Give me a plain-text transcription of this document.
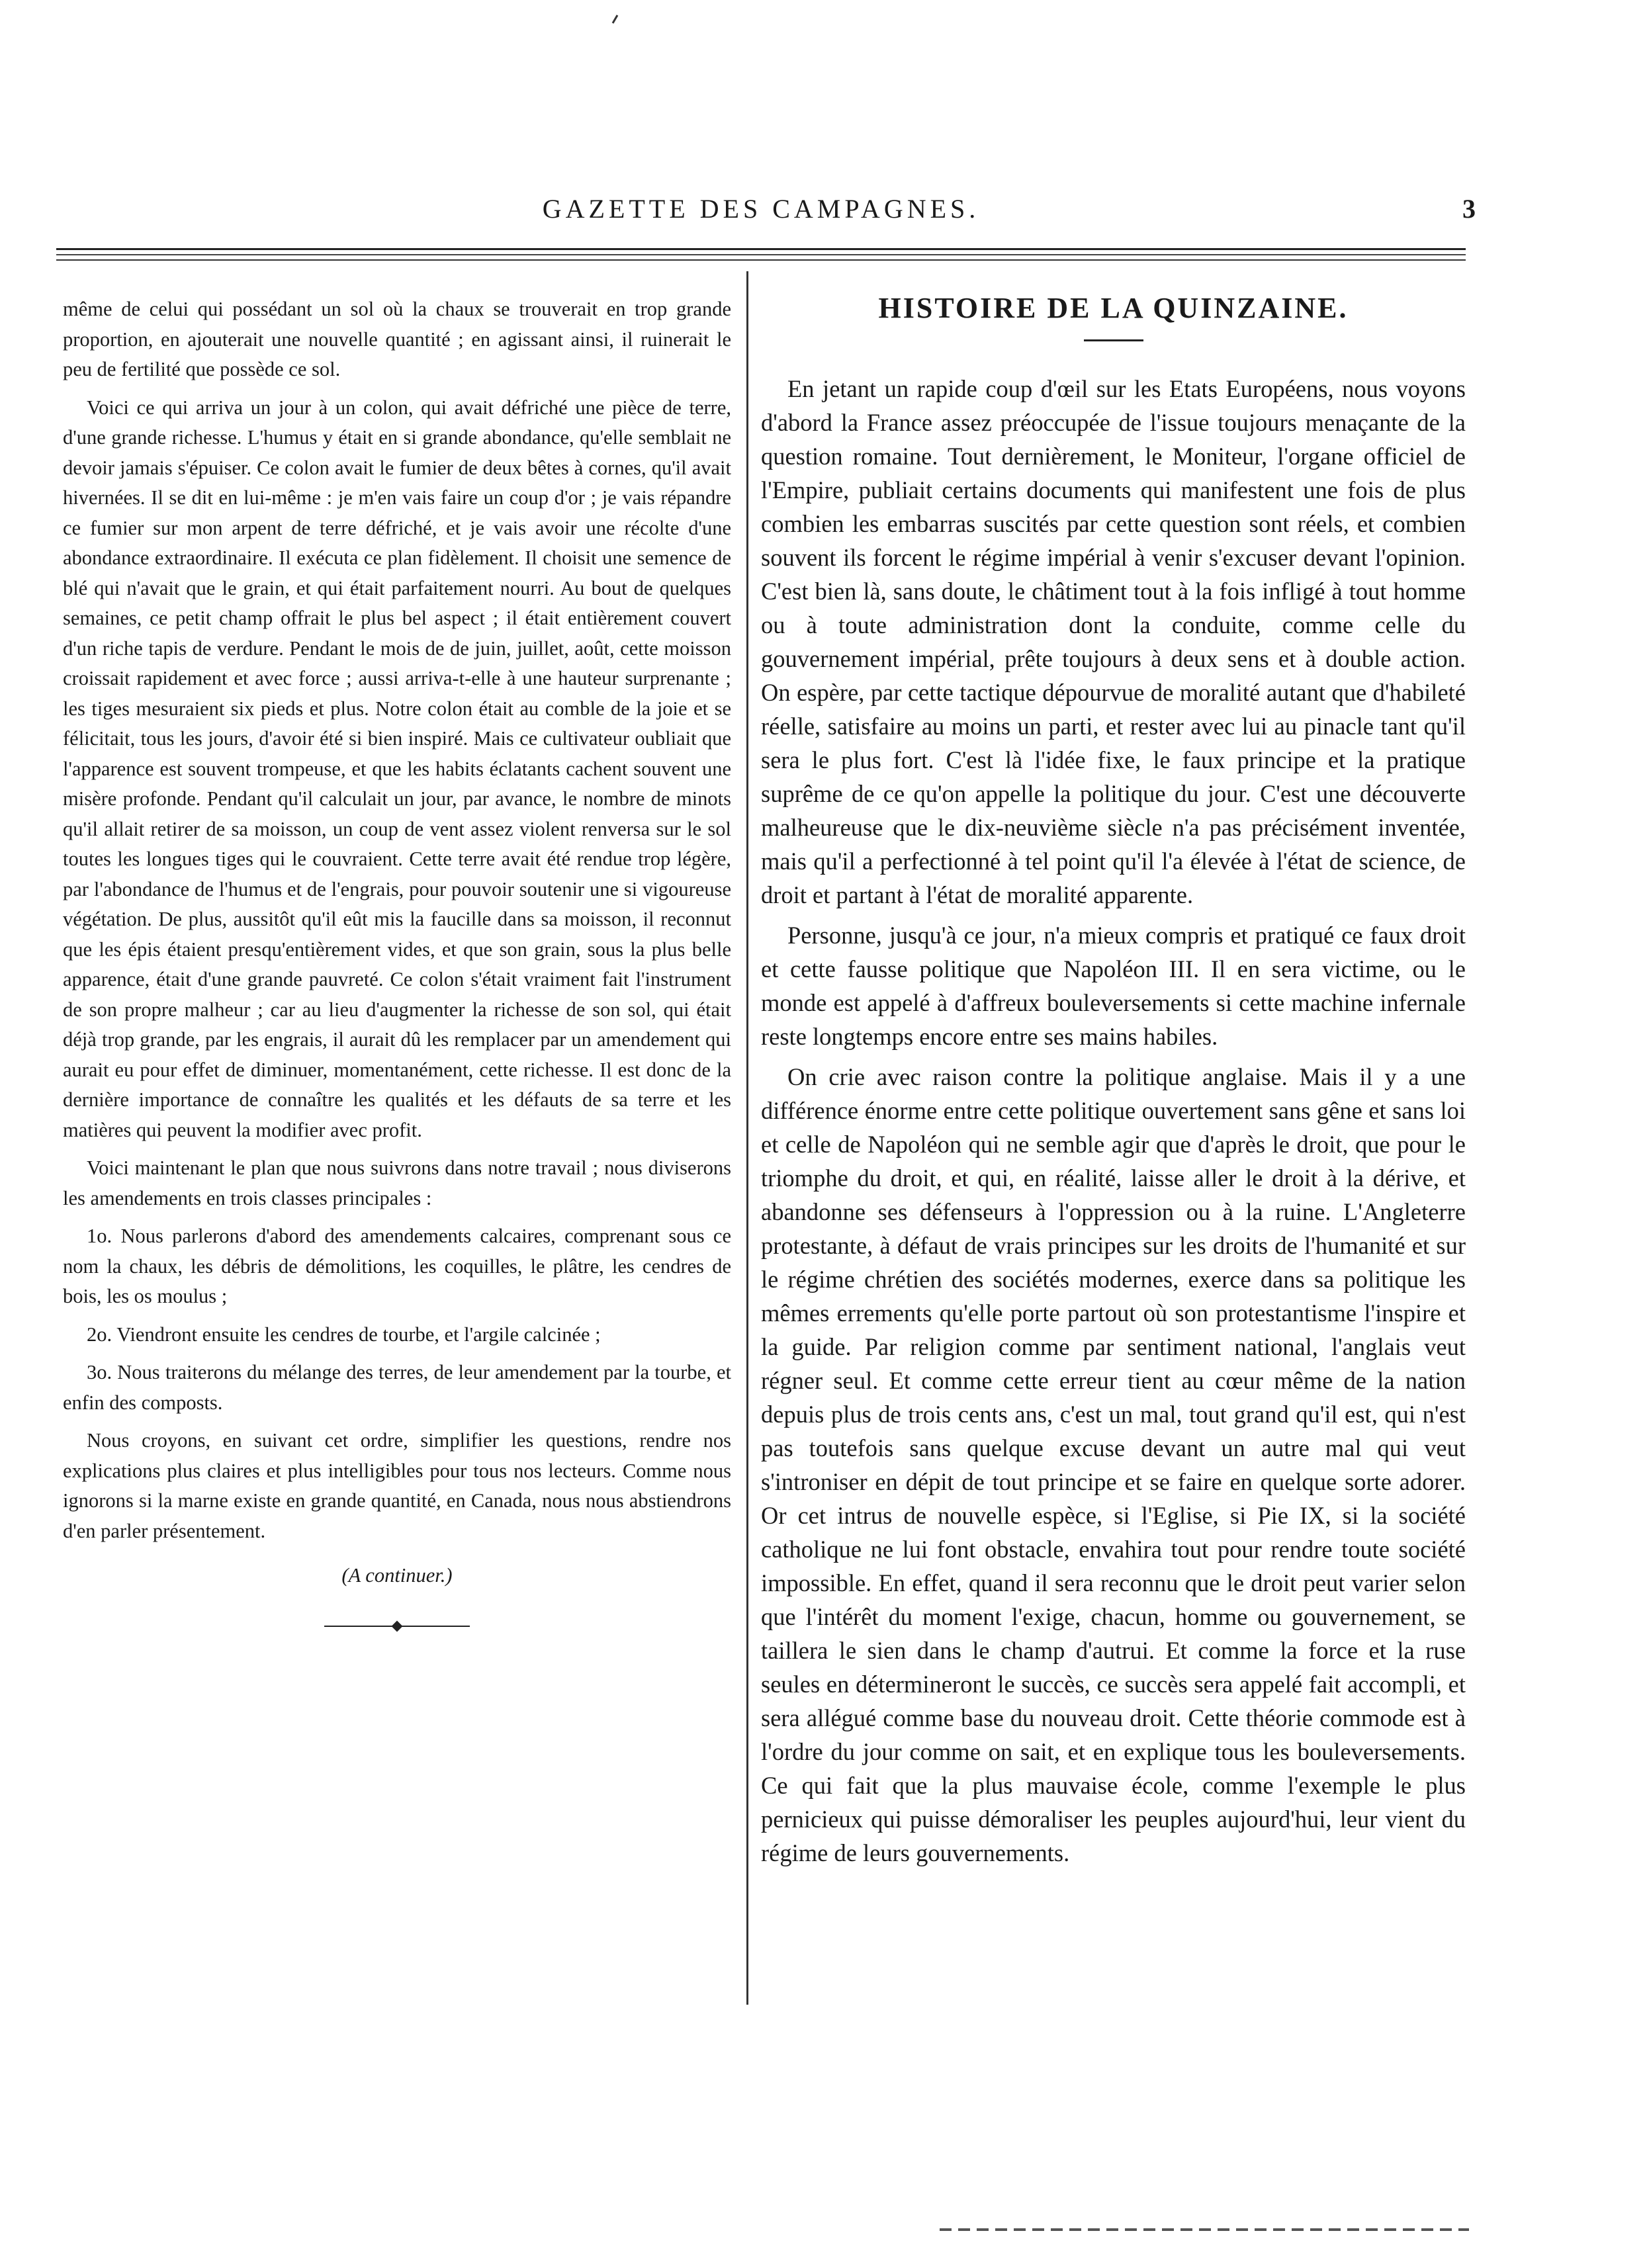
GAZETTE DES CAMPAGNES.	3

même de celui qui possédant un sol où la chaux se trouverait en trop grande proportion, en ajouterait une nouvelle quantité ; en agissant ainsi, il ruinerait le peu de fertilité que possède ce sol.

Voici ce qui arriva un jour à un colon, qui avait défriché une pièce de terre, d'une grande richesse. L'humus y était en si grande abondance, qu'elle semblait ne devoir jamais s'épuiser. Ce colon avait le fumier de deux bêtes à cornes, qu'il avait hivernées. Il se dit en lui-même : je m'en vais faire un coup d'or ; je vais répandre ce fumier sur mon arpent de terre défriché, et je vais avoir une récolte d'une abondance extraordinaire. Il exécuta ce plan fidèlement. Il choisit une semence de blé qui n'avait que le grain, et qui était parfaitement nourri. Au bout de quelques semaines, ce petit champ offrait le plus bel aspect ; il était entièrement couvert d'un riche tapis de verdure. Pendant le mois de de juin, juillet, août, cette moisson croissait rapidement et avec force ; aussi arriva-t-elle à une hauteur surprenante ; les tiges mesuraient six pieds et plus. Notre colon était au comble de la joie et se félicitait, tous les jours, d'avoir été si bien inspiré. Mais ce cultivateur oubliait que l'apparence est souvent trompeuse, et que les habits éclatants cachent souvent une misère profonde. Pendant qu'il calculait un jour, par avance, le nombre de minots qu'il allait retirer de sa moisson, un coup de vent assez violent renversa sur le sol toutes les longues tiges qui le couvraient. Cette terre avait été rendue trop légère, par l'abondance de l'humus et de l'engrais, pour pouvoir soutenir une si vigoureuse végétation. De plus, aussitôt qu'il eût mis la faucille dans sa moisson, il reconnut que les épis étaient presqu'entièrement vides, et que son grain, sous la plus belle apparence, était d'une grande pauvreté. Ce colon s'était vraiment fait l'instrument de son propre malheur ; car au lieu d'augmenter la richesse de son sol, qui était déjà trop grande, par les engrais, il aurait dû les remplacer par un amendement qui aurait eu pour effet de diminuer, momentanément, cette richesse. Il est donc de la dernière importance de connaître les qualités et les défauts de sa terre et les matières qui peuvent la modifier avec profit.

Voici maintenant le plan que nous suivrons dans notre travail ; nous diviserons les amendements en trois classes principales :

1o. Nous parlerons d'abord des amendements calcaires, comprenant sous ce nom la chaux, les débris de démolitions, les coquilles, le plâtre, les cendres de bois, les os moulus ;

2o. Viendront ensuite les cendres de tourbe, et l'argile calcinée ;

3o. Nous traiterons du mélange des terres, de leur amendement par la tourbe, et enfin des composts.

Nous croyons, en suivant cet ordre, simplifier les questions, rendre nos explications plus claires et plus intelligibles pour tous nos lecteurs. Comme nous ignorons si la marne existe en grande quantité, en Canada, nous nous abstiendrons d'en parler présentement.

(A continuer.)

HISTOIRE DE LA QUINZAINE.

En jetant un rapide coup d'œil sur les Etats Européens, nous voyons d'abord la France assez préoccupée de l'issue toujours menaçante de la question romaine. Tout dernièrement, le Moniteur, l'organe officiel de l'Empire, publiait certains documents qui manifestent une fois de plus combien les embarras suscités par cette question sont réels, et combien souvent ils forcent le régime impérial à venir s'excuser devant l'opinion. C'est bien là, sans doute, le châtiment tout à la fois infligé à tout homme ou à toute administration dont la conduite, comme celle du gouvernement impérial, prête toujours à deux sens et à double action. On espère, par cette tactique dépourvue de moralité autant que d'habileté réelle, satisfaire au moins un parti, et rester avec lui au pinacle tant qu'il sera le plus fort. C'est là l'idée fixe, le faux principe et la pratique suprême de ce qu'on appelle la politique du jour. C'est une découverte malheureuse que le dix-neuvième siècle n'a pas précisément inventée, mais qu'il a perfectionné à tel point qu'il l'a élevée à l'état de science, de droit et partant à l'état de moralité apparente.

Personne, jusqu'à ce jour, n'a mieux compris et pratiqué ce faux droit et cette fausse politique que Napoléon III. Il en sera victime, ou le monde est appelé à d'affreux bouleversements si cette machine infernale reste longtemps encore entre ses mains habiles.

On crie avec raison contre la politique anglaise. Mais il y a une différence énorme entre cette politique ouvertement sans gêne et sans loi et celle de Napoléon qui ne semble agir que d'après le droit, que pour le triomphe du droit, et qui, en réalité, laisse aller le droit à la dérive, et abandonne ses défenseurs à l'oppression ou à la ruine. L'Angleterre protestante, à défaut de vrais principes sur les droits de l'humanité et sur le régime chrétien des sociétés modernes, exerce dans sa politique les mêmes errements qu'elle porte partout où son protestantisme l'inspire et la guide. Par religion comme par sentiment national, l'anglais veut régner seul. Et comme cette erreur tient au cœur même de la nation depuis plus de trois cents ans, c'est un mal, tout grand qu'il est, qui n'est pas toutefois sans quelque excuse devant un autre mal qui veut s'introniser en dépit de tout principe et se faire en quelque sorte adorer. Or cet intrus de nouvelle espèce, si l'Eglise, si Pie IX, si la société catholique ne lui font obstacle, envahira tout pour rendre toute société impossible. En effet, quand il sera reconnu que le droit peut varier selon que l'intérêt du moment l'exige, chacun, homme ou gouvernement, se taillera le sien dans le champ d'autrui. Et comme la force et la ruse seules en détermineront le succès, ce succès sera appelé fait accompli, et sera allégué comme base du nouveau droit. Cette théorie commode est à l'ordre du jour comme on sait, et en explique tous les bouleversements. Ce qui fait que la plus mauvaise école, comme l'exemple le plus pernicieux qui puisse démoraliser les peuples aujourd'hui, leur vient du régime de leurs gouvernements.
